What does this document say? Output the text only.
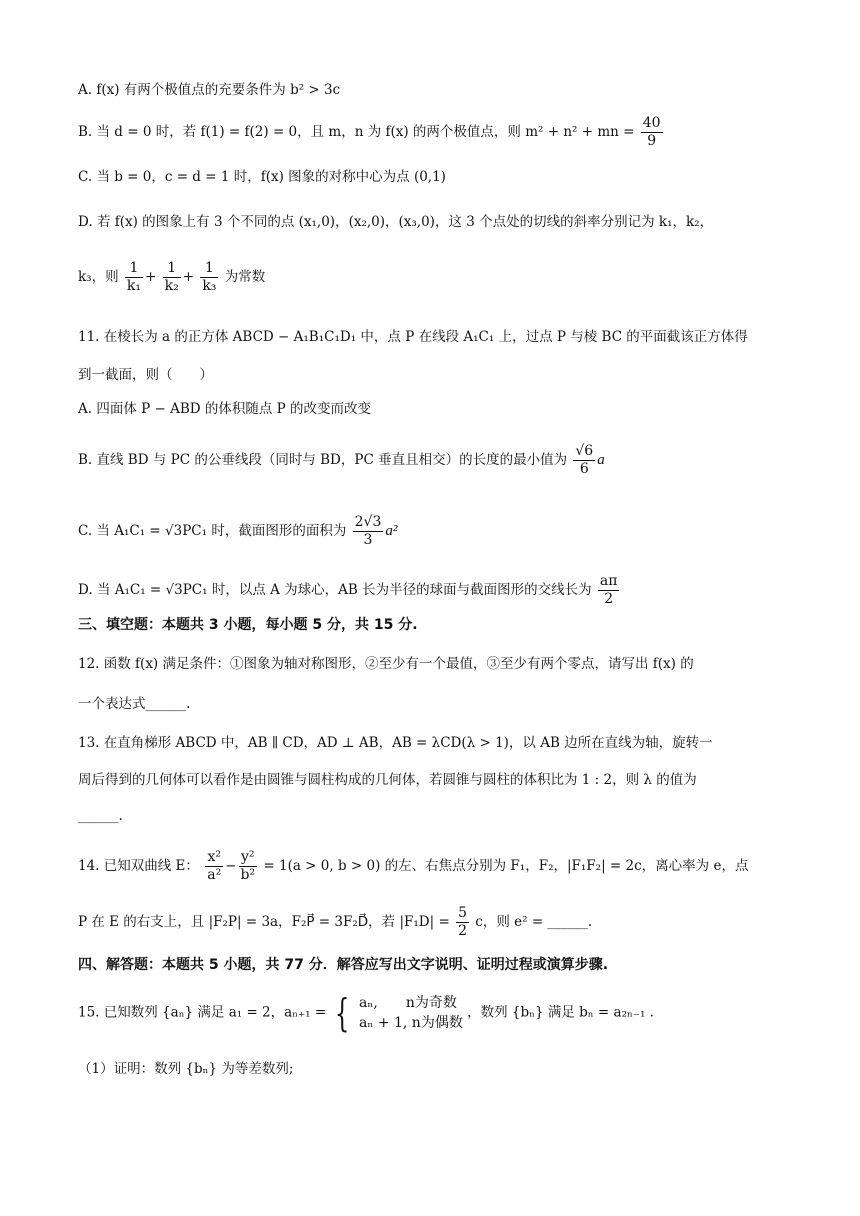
A. f(x) 有两个极值点的充要条件为 b² > 3c
B. 当 d = 0 时，若 f(1) = f(2) = 0，且 m，n 为 f(x) 的两个极值点，则 m² + n² + mn = $\frac{40}{9}$
C. 当 b = 0，c = d = 1 时，f(x) 图象的对称中心为点 (0,1)
D. 若 f(x) 的图象上有 3 个不同的点 (x₁,0)，(x₂,0)，(x₃,0)，这 3 个点处的切线的斜率分别记为 k₁，k₂，
k₃，则 $\frac{1}{\text{k₁}} + \frac{1}{\text{k₂}} + \frac{1}{\text{k₃}}$ 为常数
11. 在棱长为 a 的正方体 ABCD − A₁B₁C₁D₁ 中，点 P 在线段 A₁C₁ 上，过点 P 与棱 BC 的平面截该正方体得
到一截面，则（　　）
A. 四面体 P − ABD 的体积随点 P 的改变而改变
B. 直线 BD 与 PC 的公垂线段（同时与 BD，PC 垂直且相交）的长度的最小值为 $\frac{√6}{6}$ a
C. 当 A₁C₁ = √3PC₁ 时，截面图形的面积为 $\frac{2√3}{3} a^2$
D. 当 A₁C₁ = √3PC₁ 时，以点 A 为球心，AB 长为半径的球面与截面图形的交线长为 $\frac{a\pi}{2}$
三、填空题：本题共 3 小题，每小题 5 分，共 15 分.
12. 函数 f(x) 满足条件：①图象为轴对称图形，②至少有一个最值，③至少有两个零点，请写出 f(x) 的
一个表达式______.
13. 在直角梯形 ABCD 中，AB ∥ CD，AD ⊥ AB，AB = λCD(λ > 1)，以 AB 边所在直线为轴，旋转一
周后得到的几何体可以看作是由圆锥与圆柱构成的几何体，若圆锥与圆柱的体积比为 1 : 2，则 λ 的值为
______.
14. 已知双曲线 E： $\frac{\text{x²}}{\text{a²}} - \frac{\text{y²}}{\text{b²}} = 1(a > 0$, b > 0) 的左、右焦点分别为 F₁，F₂，|F₁F₂| = 2c，离心率为 e，点
P 在 E 的右支上，且 |F₂P| = 3a，F₂P⃗ = 3F₂D⃗，若 $|F_1D| = \frac{5}{2}$ c，则 e² = ______.
四、解答题：本题共 5 小题，共 77 分．解答应写出文字说明、证明过程或演算步骤.
15. 已知数列 {aₙ} 满足 a₁ = 2，aₙ₊₁ = { aₙ,　　n为奇数
aₙ + 1, n为偶数
，数列 {bₙ} 满足 bₙ = a₂ₙ₋₁ .
（1）证明：数列 {bₙ} 为等差数列;
